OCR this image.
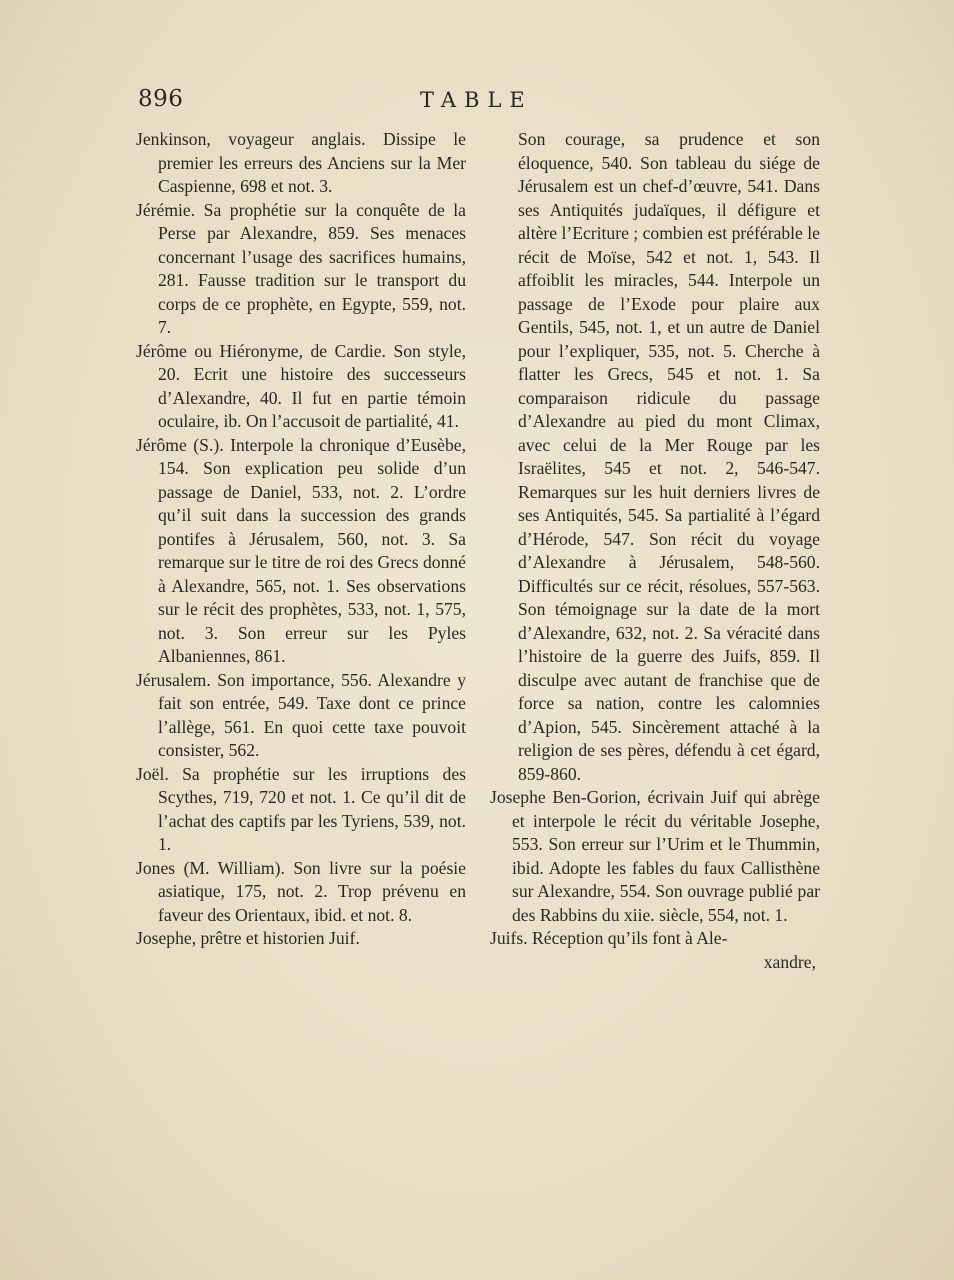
896	TABLE

Jenkinson, voyageur anglais. Dissipe le premier les erreurs des Anciens sur la Mer Caspienne, 698 et not. 3.

Jérémie. Sa prophétie sur la conquête de la Perse par Alexandre, 859. Ses menaces concernant l’usage des sacrifices humains, 281. Fausse tradition sur le transport du corps de ce prophète, en Egypte, 559, not. 7.

Jérôme ou Hiéronyme, de Cardie. Son style, 20. Ecrit une histoire des successeurs d’Alexandre, 40. Il fut en partie témoin oculaire, ib. On l’accusoit de partialité, 41.

Jérôme (S.). Interpole la chronique d’Eusèbe, 154. Son explication peu solide d’un passage de Daniel, 533, not. 2. L’ordre qu’il suit dans la succession des grands pontifes à Jérusalem, 560, not. 3. Sa remarque sur le titre de roi des Grecs donné à Alexandre, 565, not. 1. Ses observations sur le récit des prophètes, 533, not. 1, 575, not. 3. Son erreur sur les Pyles Albaniennes, 861.

Jérusalem. Son importance, 556. Alexandre y fait son entrée, 549. Taxe dont ce prince l’allège, 561. En quoi cette taxe pouvoit consister, 562.

Joël. Sa prophétie sur les irruptions des Scythes, 719, 720 et not. 1. Ce qu’il dit de l’achat des captifs par les Tyriens, 539, not. 1.

Jones (M. William). Son livre sur la poésie asiatique, 175, not. 2. Trop prévenu en faveur des Orientaux, ibid. et not. 8.

Josephe, prêtre et historien Juif.

Son courage, sa prudence et son éloquence, 540. Son tableau du siége de Jérusalem est un chef-d’œuvre, 541. Dans ses Antiquités judaïques, il défigure et altère l’Ecriture ; combien est préférable le récit de Moïse, 542 et not. 1, 543. Il affoiblit les miracles, 544. Interpole un passage de l’Exode pour plaire aux Gentils, 545, not. 1, et un autre de Daniel pour l’expliquer, 535, not. 5. Cherche à flatter les Grecs, 545 et not. 1. Sa comparaison ridicule du passage d’Alexandre au pied du mont Climax, avec celui de la Mer Rouge par les Israëlites, 545 et not. 2, 546-547. Remarques sur les huit derniers livres de ses Antiquités, 545. Sa partialité à l’égard d’Hérode, 547. Son récit du voyage d’Alexandre à Jérusalem, 548-560. Difficultés sur ce récit, résolues, 557-563. Son témoignage sur la date de la mort d’Alexandre, 632, not. 2. Sa véracité dans l’histoire de la guerre des Juifs, 859. Il disculpe avec autant de franchise que de force sa nation, contre les calomnies d’Apion, 545. Sincèrement attaché à la religion de ses pères, défendu à cet égard, 859-860.

Josephe Ben-Gorion, écrivain Juif qui abrège et interpole le récit du véritable Josephe, 553. Son erreur sur l’Urim et le Thummin, ibid. Adopte les fables du faux Callisthène sur Alexandre, 554. Son ouvrage publié par des Rabbins du xiie. siècle, 554, not. 1.

Juifs. Réception qu’ils font à Ale-

xandre,
